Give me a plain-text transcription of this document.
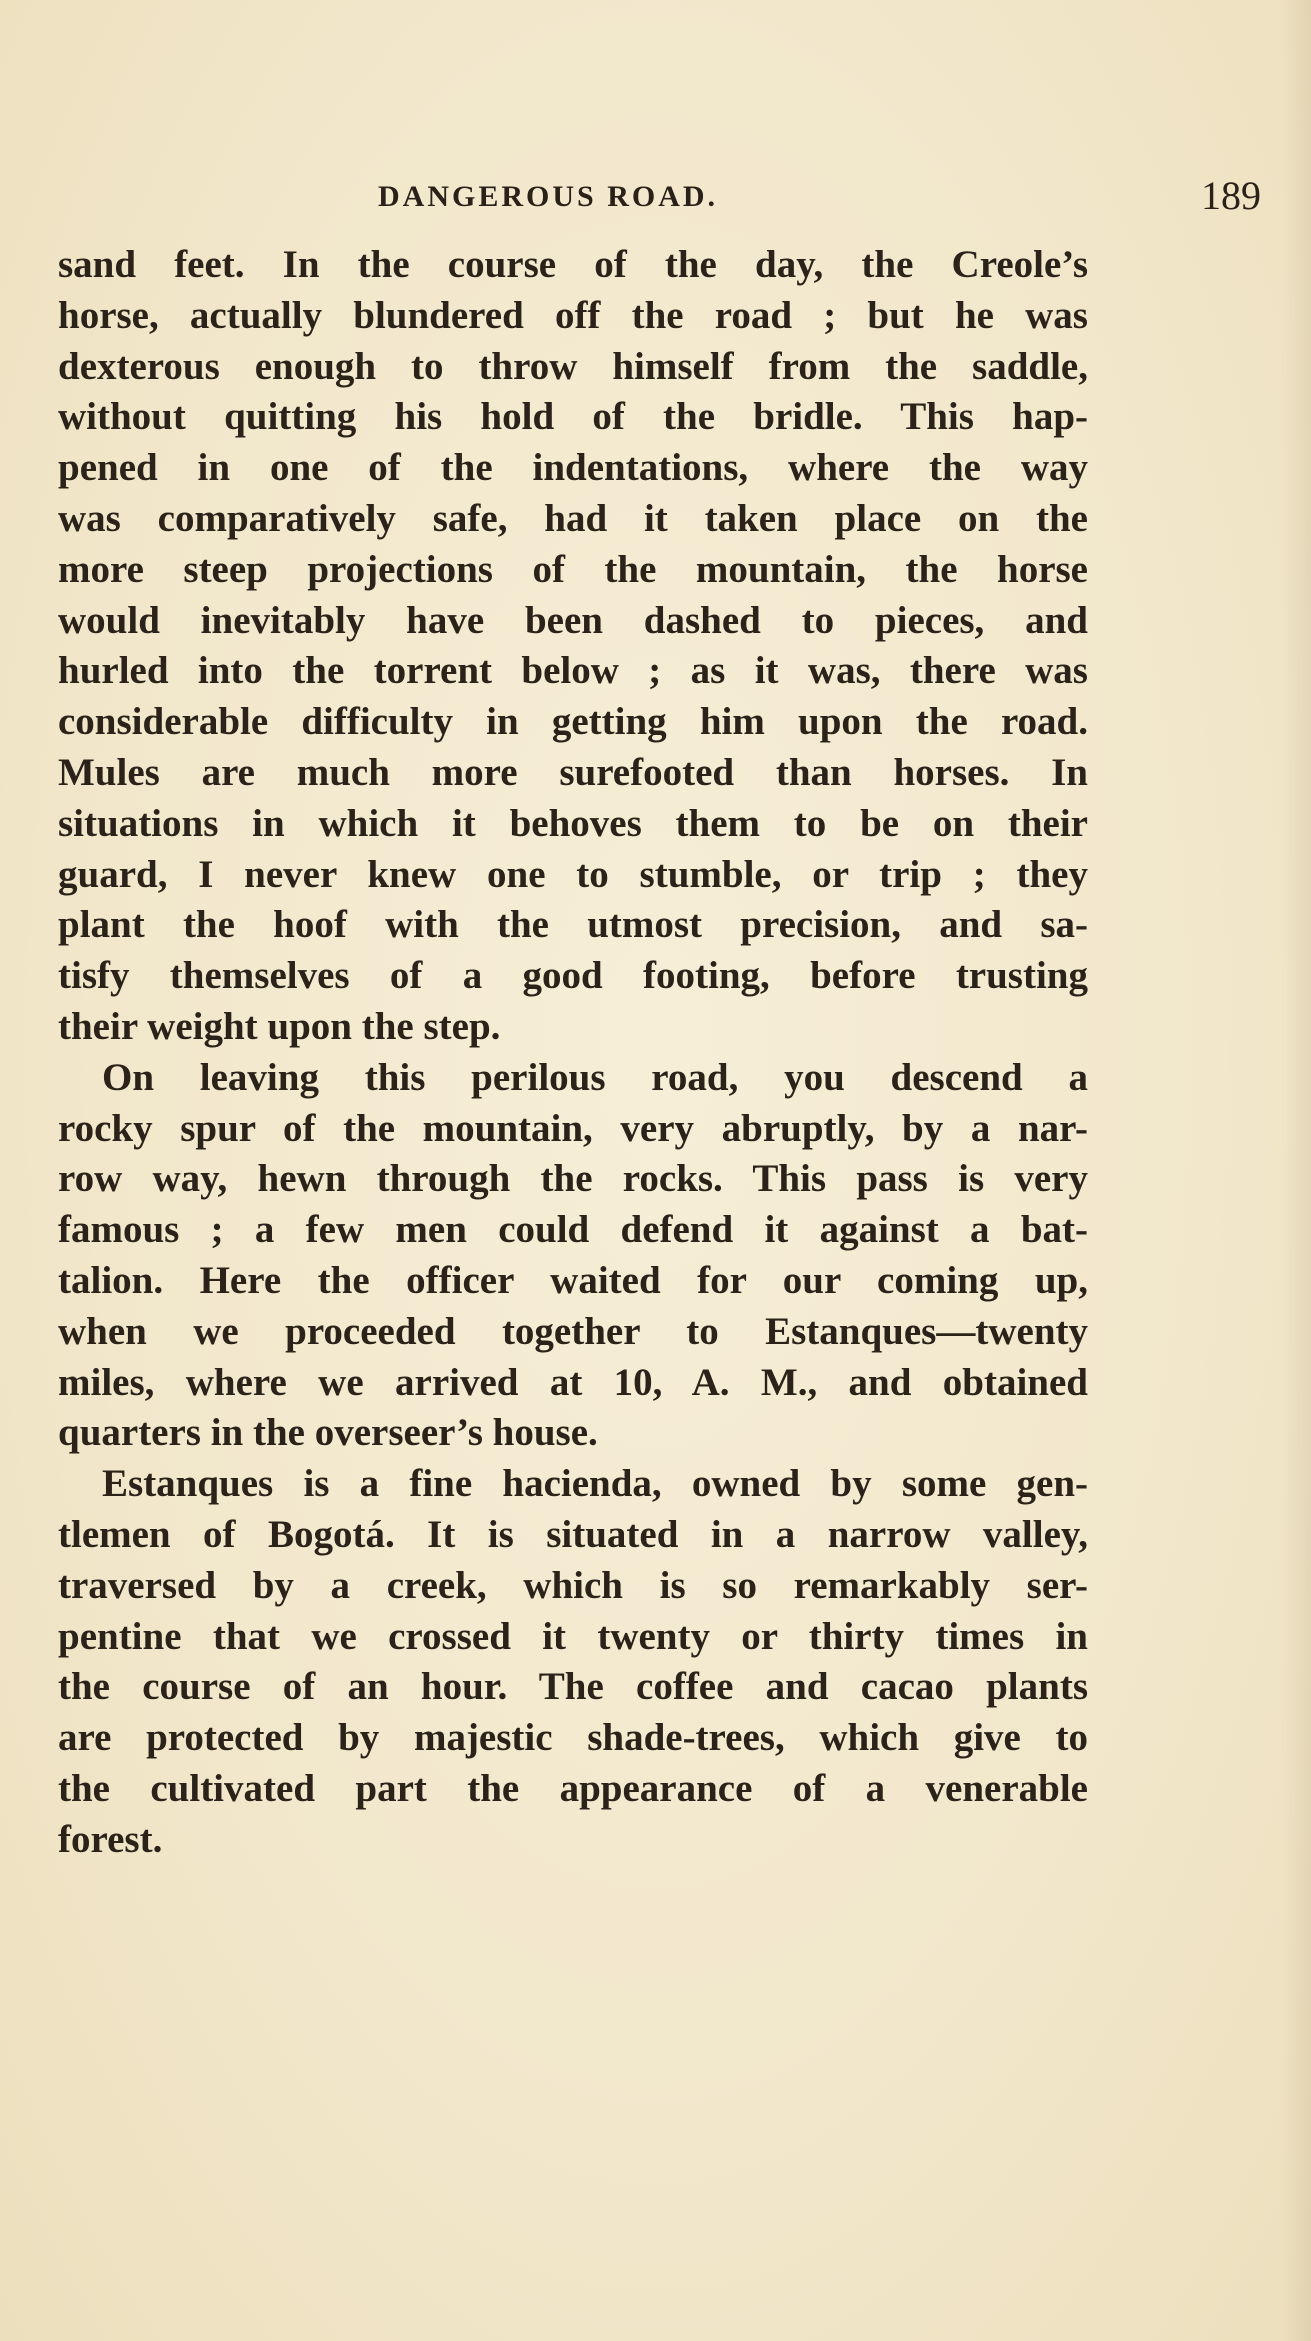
DANGEROUS ROAD.	189
sand feet. In the course of the day, the Creole’s
horse, actually blundered off the road ; but he was
dexterous enough to throw himself from the saddle,
without quitting his hold of the bridle. This hap-
pened in one of the indentations, where the way
was comparatively safe, had it taken place on the
more steep projections of the mountain, the horse
would inevitably have been dashed to pieces, and
hurled into the torrent below ; as it was, there was
considerable difficulty in getting him upon the road.
Mules are much more surefooted than horses. In
situations in which it behoves them to be on their
guard, I never knew one to stumble, or trip ; they
plant the hoof with the utmost precision, and sa-
tisfy themselves of a good footing, before trusting
their weight upon the step.
On leaving this perilous road, you descend a
rocky spur of the mountain, very abruptly, by a nar-
row way, hewn through the rocks. This pass is very
famous ; a few men could defend it against a bat-
talion. Here the officer waited for our coming up,
when we proceeded together to Estanques—twenty
miles, where we arrived at 10, A. M., and obtained
quarters in the overseer’s house.
Estanques is a fine hacienda, owned by some gen-
tlemen of Bogotá. It is situated in a narrow valley,
traversed by a creek, which is so remarkably ser-
pentine that we crossed it twenty or thirty times in
the course of an hour. The coffee and cacao plants
are protected by majestic shade-trees, which give to
the cultivated part the appearance of a venerable
forest.
